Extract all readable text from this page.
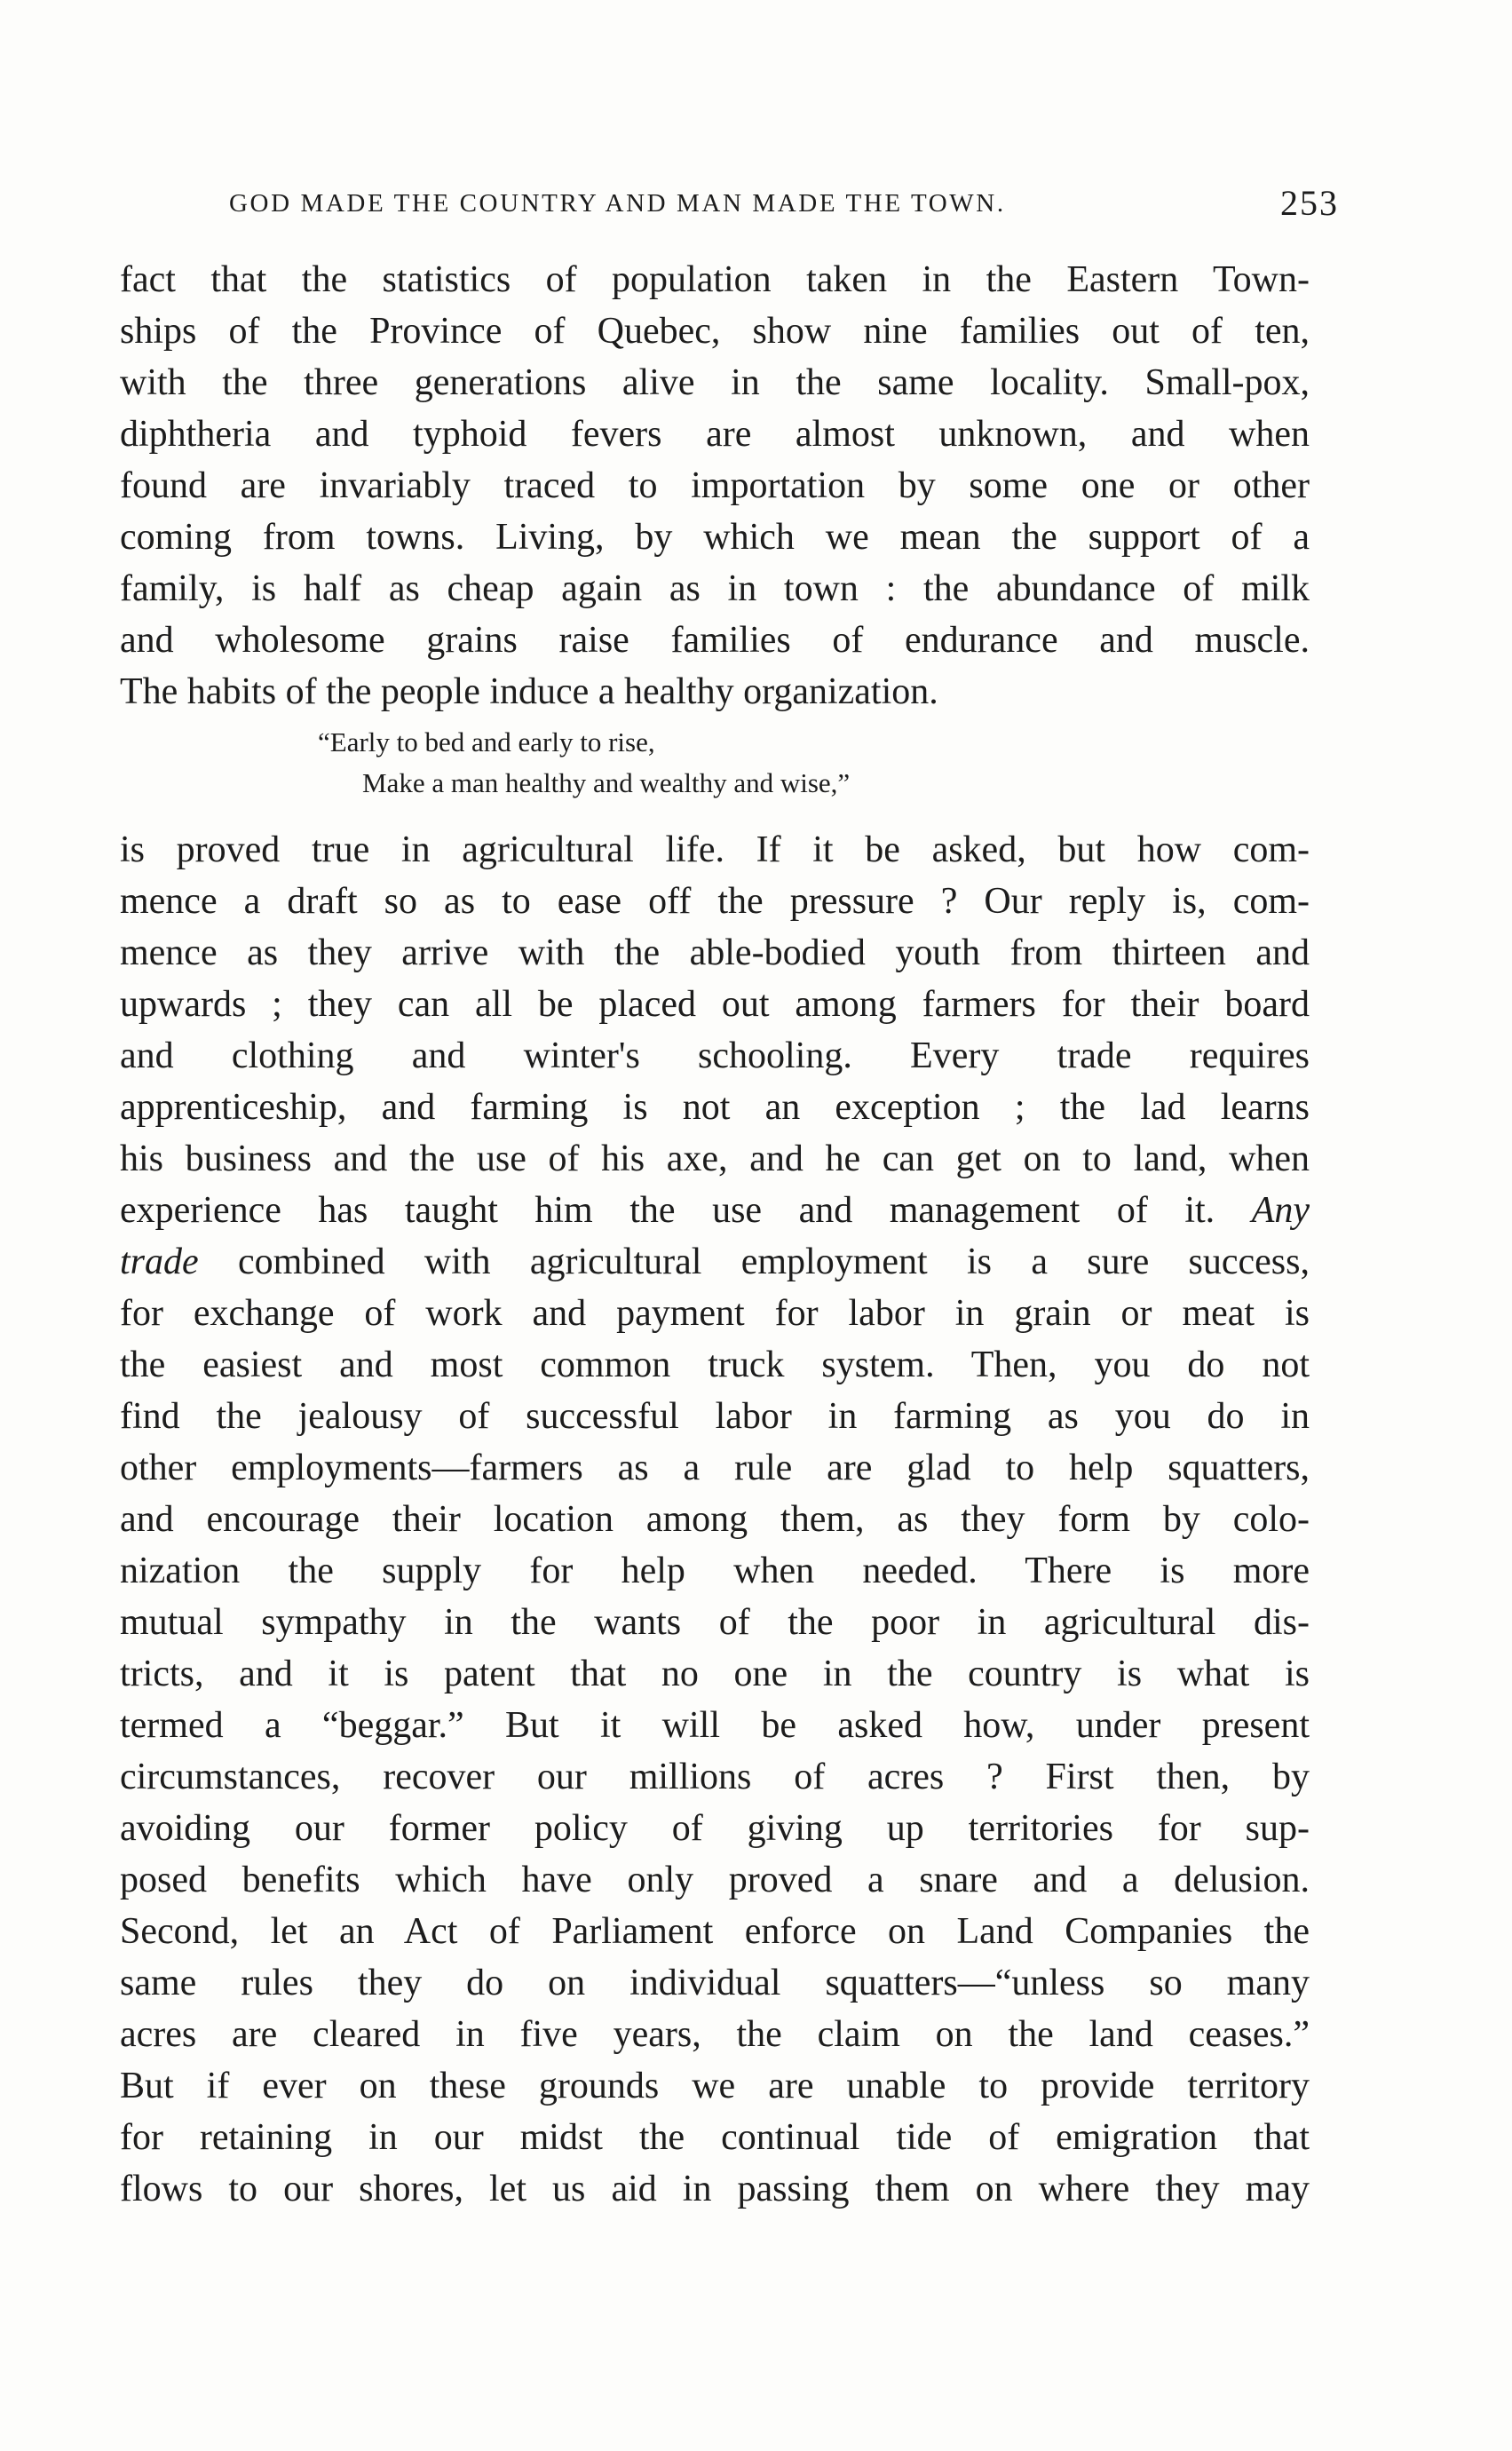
GOD MADE THE COUNTRY AND MAN MADE THE TOWN.	253
fact that the statistics of population taken in the Eastern Town-
ships of the Province of Quebec, show nine families out of ten,
with the three generations alive in the same locality. Small-pox,
diphtheria and typhoid fevers are almost unknown, and when
found are invariably traced to importation by some one or other
coming from towns. Living, by which we mean the support of a
family, is half as cheap again as in town : the abundance of milk
and wholesome grains raise families of endurance and muscle.
The habits of the people induce a healthy organization.
“Early to bed and early to rise,
Make a man healthy and wealthy and wise,”
is proved true in agricultural life. If it be asked, but how com-
mence a draft so as to ease off the pressure ? Our reply is, com-
mence as they arrive with the able-bodied youth from thirteen and
upwards ; they can all be placed out among farmers for their board
and clothing and winter's schooling. Every trade requires
apprenticeship, and farming is not an exception ; the lad learns
his business and the use of his axe, and he can get on to land, when
experience has taught him the use and management of it. Any
trade combined with agricultural employment is a sure success,
for exchange of work and payment for labor in grain or meat is
the easiest and most common truck system. Then, you do not
find the jealousy of successful labor in farming as you do in
other employments—farmers as a rule are glad to help squatters,
and encourage their location among them, as they form by colo-
nization the supply for help when needed. There is more
mutual sympathy in the wants of the poor in agricultural dis-
tricts, and it is patent that no one in the country is what is
termed a “beggar.” But it will be asked how, under present
circumstances, recover our millions of acres ? First then, by
avoiding our former policy of giving up territories for sup-
posed benefits which have only proved a snare and a delusion.
Second, let an Act of Parliament enforce on Land Companies the
same rules they do on individual squatters—“unless so many
acres are cleared in five years, the claim on the land ceases.”
But if ever on these grounds we are unable to provide territory
for retaining in our midst the continual tide of emigration that
flows to our shores, let us aid in passing them on where they may
